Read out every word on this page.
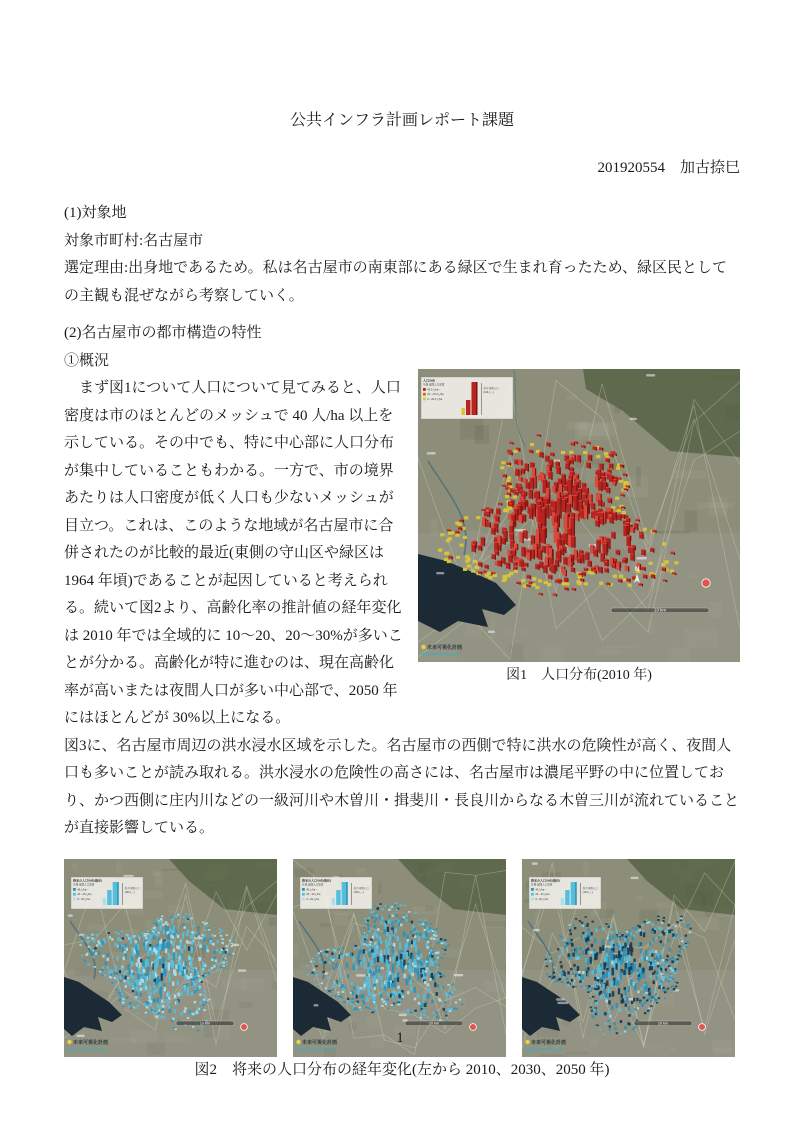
公共インフラ計画レポート課題
201920554　加古捺巳

(1)対象地

対象市町村:名古屋市

選定理由:出身地であるため。私は名古屋市の南東部にある緑区で生まれ育ったため、緑区民としての主観も混ぜながら考察していく。

(2)名古屋市の都市構造の特性

①概況

人口分布
凡例:夜間人口密度
40.0人/ha〜
20〜40.0人/ha
0〜20.0人/ha
高さ:夜間人口
(100人〜)
10 km
N
未来可視化計画
https://mieruka.city
図1　人口分布(2010 年)

まず図1について人口について見てみると、人口密度は市のほとんどのメッシュで 40 人/ha 以上を示している。その中でも、特に中心部に人口分布が集中していることもわかる。一方で、市の境界あたりは人口密度が低く人口も少ないメッシュが目立つ。これは、このような地域が名古屋市に合併されたのが比較的最近(東側の守山区や緑区は 1964 年頃)であることが起因していると考えられる。続いて図2より、高齢化率の推計値の経年変化は 2010 年では全域的に 10〜20、20〜30%が多いことが分かる。高齢化が特に進むのは、現在高齢化率が高いまたは夜間人口が多い中心部で、2050 年にはほとんどが 30%以上になる。

図3に、名古屋市周辺の洪水浸水区域を示した。名古屋市の西側で特に洪水の危険性が高く、夜間人口も多いことが読み取れる。洪水浸水の危険性の高さには、名古屋市は濃尾平野の中に位置しており、かつ西側に庄内川などの一級河川や木曽川・揖斐川・長良川からなる木曽三川が流れていることが直接影響している。

将来の人口分布(推計)
凡例:夜間人口密度
40人/ha〜
20〜40人/ha
0〜20人/ha
高さ:夜間人口
(100人〜)
10 km
未来可視化計画
https://mieruka.city
将来の人口分布(推計)
凡例:夜間人口密度
40人/ha〜
20〜40人/ha
0〜20人/ha
高さ:夜間人口
(100人〜)
10 km
未来可視化計画
https://mieruka.city
将来の人口分布(推計)
凡例:夜間人口密度
40人/ha〜
20〜40人/ha
0〜20人/ha
高さ:夜間人口
(100人〜)
10 km
未来可視化計画
https://mieruka.city

図2　将来の人口分布の経年変化(左から 2010、2030、2050 年)

1
